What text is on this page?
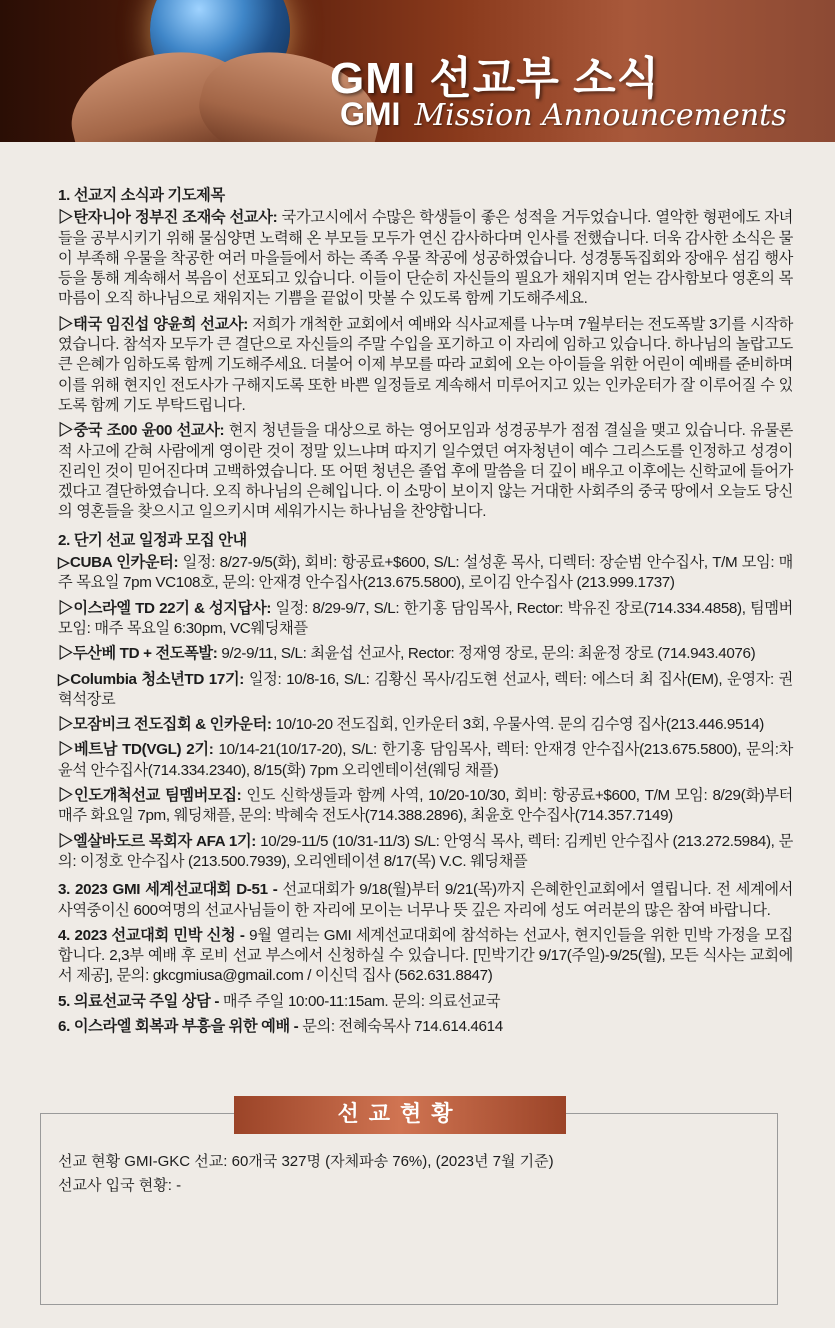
GMI 선교부 소식
GMI Mission Announcements

1. 선교지 소식과 기도제목

▷탄자니아 정부진 조재숙 선교사: 국가고시에서 수많은 학생들이 좋은 성적을 거두었습니다. 열악한 형편에도 자녀들을 공부시키기 위해 물심양면 노력해 온 부모들 모두가 연신 감사하다며 인사를 전했습니다. 더욱 감사한 소식은 물이 부족해 우물을 착공한 여러 마을들에서 하는 족족 우물 착공에 성공하였습니다. 성경통독집회와 장애우 섬김 행사 등을 통해 계속해서 복음이 선포되고 있습니다. 이들이 단순히 자신들의 필요가 채워지며 얻는 감사함보다 영혼의 목마름이 오직 하나님으로 채워지는 기쁨을 끝없이 맛볼 수 있도록 함께 기도해주세요.

▷태국 임진섭 양윤희 선교사: 저희가 개척한 교회에서 예배와 식사교제를 나누며 7월부터는 전도폭발 3기를 시작하였습니다. 참석자 모두가 큰 결단으로 자신들의 주말 수입을 포기하고 이 자리에 임하고 있습니다. 하나님의 놀랍고도 큰 은혜가 임하도록 함께 기도해주세요. 더불어 이제 부모를 따라 교회에 오는 아이들을 위한 어린이 예배를 준비하며 이를 위해 현지인 전도사가 구해지도록 또한 바쁜 일정들로 계속해서 미루어지고 있는 인카운터가 잘 이루어질 수 있도록 함께 기도 부탁드립니다.

▷중국 조00 윤00 선교사: 현지 청년들을 대상으로 하는 영어모임과 성경공부가 점점 결실을 맺고 있습니다. 유물론적 사고에 갇혀 사람에게 영이란 것이 정말 있느냐며 따지기 일수였던 여자청년이 예수 그리스도를 인정하고 성경이 진리인 것이 믿어진다며 고백하였습니다. 또 어떤 청년은 졸업 후에 말씀을 더 깊이 배우고 이후에는 신학교에 들어가겠다고 결단하였습니다. 오직 하나님의 은혜입니다. 이 소망이 보이지 않는 거대한 사회주의 중국 땅에서 오늘도 당신의 영혼들을 찾으시고 일으키시며 세워가시는 하나님을 찬양합니다.

2. 단기 선교 일정과 모집 안내

▷CUBA 인카운터: 일정: 8/27-9/5(화), 회비: 항공료+$600, S/L: 설성훈 목사, 디렉터: 장순범 안수집사, T/M 모임: 매주 목요일 7pm VC108호, 문의: 안재경 안수집사(213.675.5800), 로이김 안수집사 (213.999.1737)

▷이스라엘 TD 22기 & 성지답사: 일정: 8/29-9/7, S/L: 한기홍 담임목사, Rector: 박유진 장로(714.334.4858), 팀멤버모임: 매주 목요일 6:30pm, VC웨딩채플

▷두산베 TD + 전도폭발: 9/2-9/11, S/L: 최윤섭 선교사, Rector: 정재영 장로, 문의: 최윤정 장로 (714.943.4076)

▷Columbia 청소년TD 17기: 일정: 10/8-16, S/L: 김황신 목사/김도현 선교사, 렉터: 에스더 최 집사(EM), 운영자: 권혁석장로

▷모잠비크 전도집회 & 인카운터: 10/10-20 전도집회, 인카운터 3회, 우물사역. 문의 김수영 집사(213.446.9514)

▷베트남 TD(VGL) 2기: 10/14-21(10/17-20), S/L: 한기홍 담임목사, 렉터: 안재경 안수집사(213.675.5800), 문의:차윤석 안수집사(714.334.2340), 8/15(화) 7pm 오리엔테이션(웨딩 채플)

▷인도개척선교 팀멤버모집: 인도 신학생들과 함께 사역, 10/20-10/30, 회비: 항공료+$600, T/M 모임: 8/29(화)부터 매주 화요일 7pm, 웨딩채플, 문의: 박혜숙 전도사(714.388.2896), 최윤호 안수집사(714.357.7149)

▷엘살바도르 목회자 AFA 1기: 10/29-11/5 (10/31-11/3) S/L: 안영식 목사, 렉터: 김케빈 안수집사 (213.272.5984), 문의: 이정호 안수집사 (213.500.7939), 오리엔테이션 8/17(목) V.C. 웨딩채플

3. 2023 GMI 세계선교대회 D-51 - 선교대회가 9/18(월)부터 9/21(목)까지 은혜한인교회에서 열립니다. 전 세계에서 사역중이신 600여명의 선교사님들이 한 자리에 모이는 너무나 뜻 깊은 자리에 성도 여러분의 많은 참여 바랍니다.

4. 2023 선교대회 민박 신청 - 9월 열리는 GMI 세계선교대회에 참석하는 선교사, 현지인들을 위한 민박 가정을 모집합니다. 2,3부 예배 후 로비 선교 부스에서 신청하실 수 있습니다. [민박기간 9/17(주일)-9/25(월), 모든 식사는 교회에서 제공], 문의: gkcgmiusa@gmail.com / 이신덕 집사 (562.631.8847)

5. 의료선교국 주일 상담 - 매주 주일 10:00-11:15am. 문의: 의료선교국

6. 이스라엘 회복과 부흥을 위한 예배 - 문의: 전혜숙목사 714.614.4614

선교현황
선교 현황 GMI-GKC 선교: 60개국 327명 (자체파송 76%), (2023년 7월 기준)
선교사 입국 현황: -
